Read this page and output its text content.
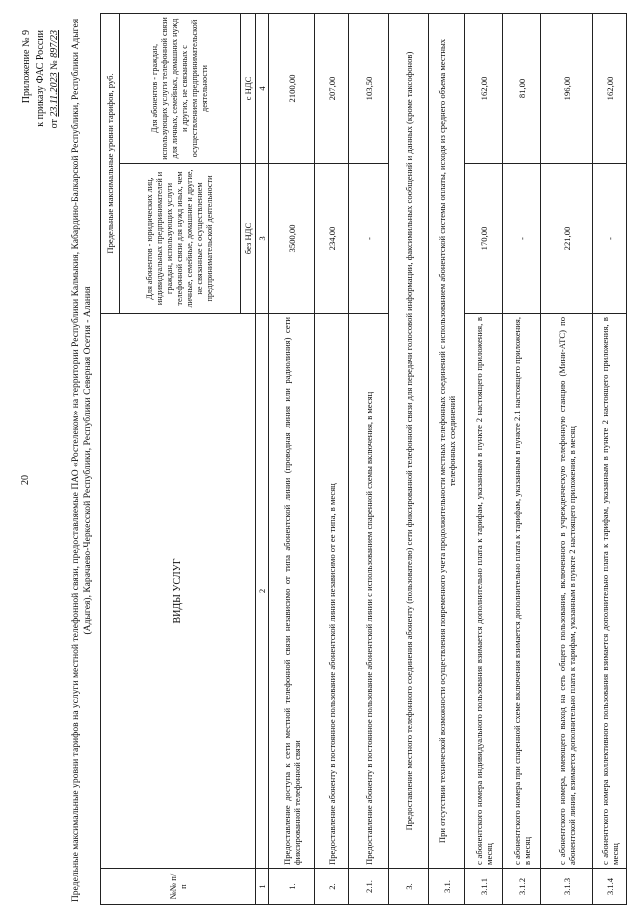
20
Приложение № 9 к приказу ФАС России от 23.11.2023 № 897/23 Предельные максимальные уровни тарифов на услуги местной телефонной связи, предоставляемые ПАО «Ростелеком» на территории Республики Калмыкия, Кабардино-Балкарской Республики, Республики Адыгея (Адыгея), Карачаево-Черкесской Республики, Республики Северная Осетия - Алания
№№ п/п	ВИДЫ УСЛУГ	Предельные максимальные уровни тарифов, руб.	
		Для абонентов - юридических лиц, индивидуальных предпринимателей и граждан, использующих услуги телефонной связи для нужд иных, чем личные, семейные, домашние и другие, не связанные с осуществлением предпринимательской деятельности	Для абонентов - граждан, использующих услуги телефонной связи для личных, семейных, домашних нужд и других, не связанных с осуществлением предпринимательской деятельности
		без НДС	с НДС
1	2	3	4
1.	Предоставление доступа к сети местной телефонной связи независимо от типа абонентской линии (проводная линия или радиолиния) сети фиксированной телефонной связи	3500,00	2100,00
2.	Предоставление абоненту в постоянное пользование абонентской линии независимо от ее типа, в месяц	234,00	207,00
2.1.	Предоставление абоненту в постоянное пользование абонентской линии с использованием спаренной схемы включения, в месяц	-	103,50
3.	Предоставление местного телефонного соединения абоненту (пользователю) сети фиксированной телефонной связи для передачи голосовой информации, факсимильных сообщений и данных (кроме таксофонов)		
3.1.	При отсутствии технической возможности осуществления повременного учета продолжительности местных телефонных соединений с использованием абонентской системы оплаты, исходя из среднего объема местных телефонных соединений		
3.1.1	с абонентского номера индивидуального пользования взимается дополнительно плата к тарифам, указанным в пункте 2 настоящего приложения, в месяц	170,00	162,00
3.1.2	с абонентского номера при спаренной схеме включения взимается дополнительно плата к тарифам, указанным в пункте 2.1 настоящего приложения, в месяц	-	81,00
3.1.3	с абонентского номера, имеющего выход на сеть общего пользования, включенного в учрежденческую телефонную станцию (Мини-АТС) по абонентской линии, взимается дополнительно плата к тарифам, указанным в пункте 2 настоящего приложения, в месяц	221,00	196,00
3.1.4	с абонентского номера коллективного пользования взимается дополнительно плата к тарифам, указанным в пункте 2 настоящего приложения, в месяц	-	162,00
